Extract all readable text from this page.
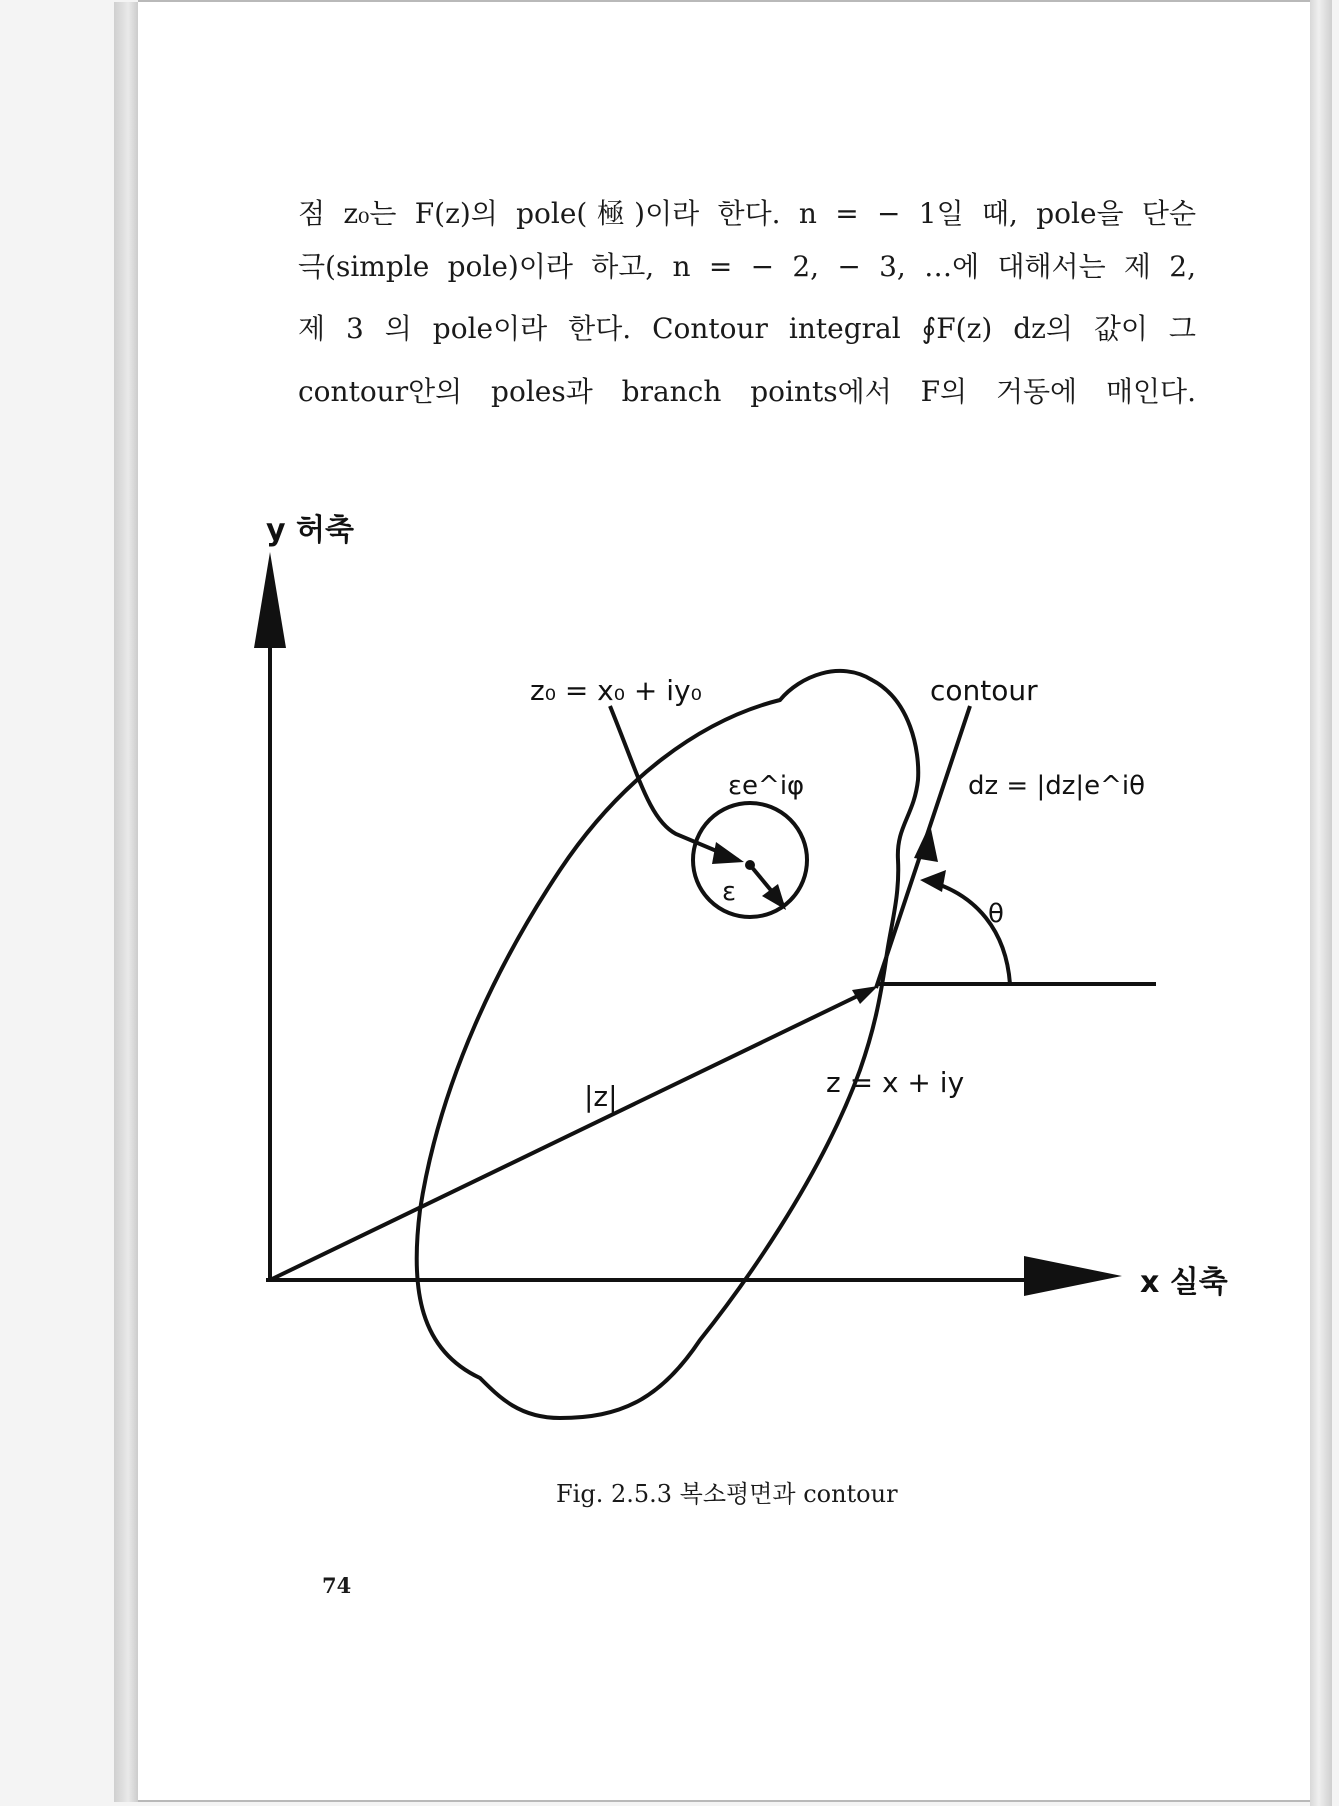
점 z₀는 F(z)의 pole(極)이라 한다. n = − 1일 때, pole을 단순
극(simple pole)이라 하고, n = − 2, − 3, …에 대해서는 제 2,
제 3 의 pole이라 한다. Contour integral ∮F(z) dz의 값이 그
contour안의 poles과 branch points에서 F의 거동에 매인다.
y 허축
x 실축
z₀ = x₀ + iy₀	contour
εe^iφ
ε
dz = |dz|e^iθ
θ
|z|	z = x + iy
Fig. 2.5.3 복소평면과 contour
74
